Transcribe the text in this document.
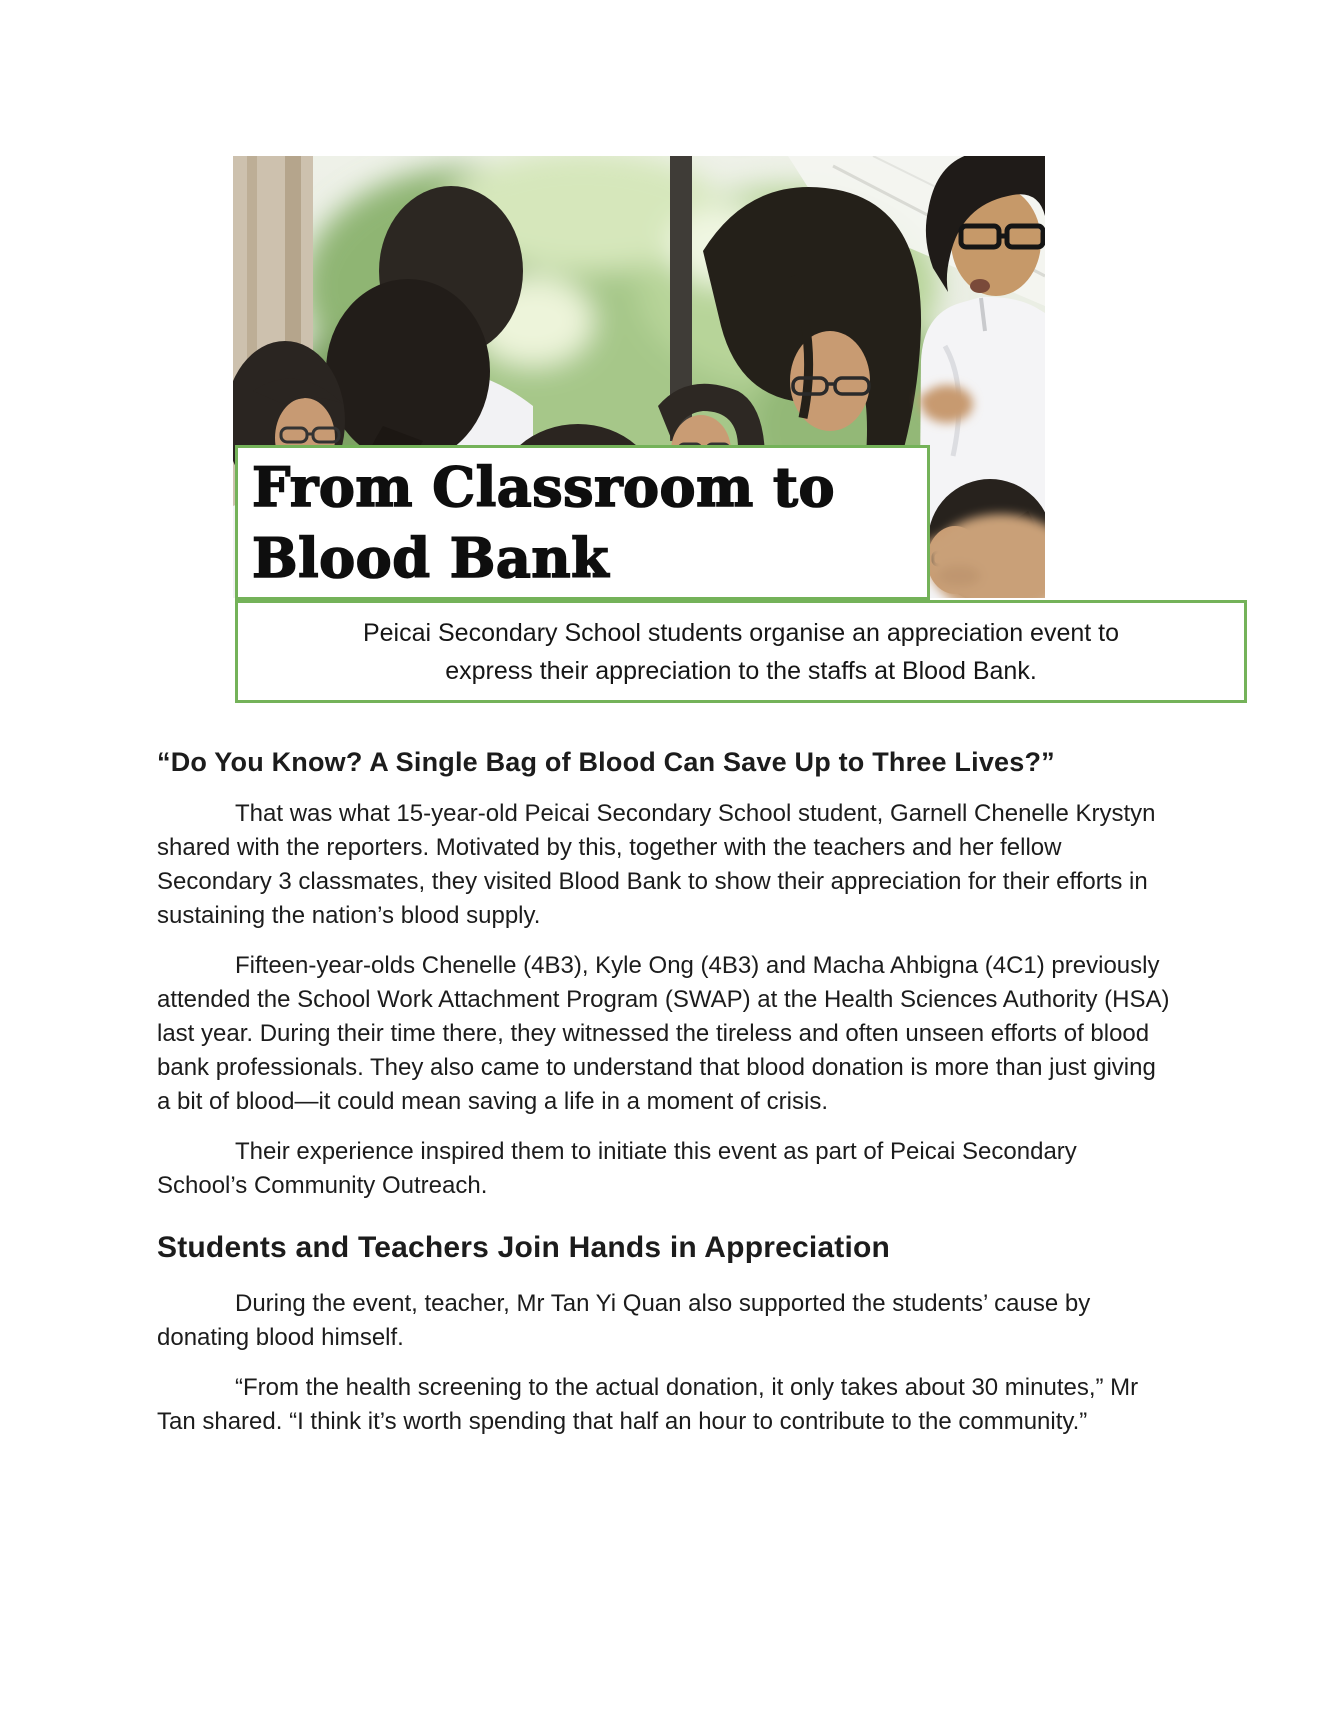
From Classroom to
Blood Bank
Peicai Secondary School students organise an appreciation event to
express their appreciation to the staffs at Blood Bank.
“Do You Know? A Single Bag of Blood Can Save Up to Three Lives?”

That was what 15-year-old Peicai Secondary School student, Garnell Chenelle Krystyn shared with the reporters. Motivated by this, together with the teachers and her fellow Secondary 3 classmates, they visited Blood Bank to show their appreciation for their efforts in sustaining the nation’s blood supply.

Fifteen-year-olds Chenelle (4B3), Kyle Ong (4B3) and Macha Ahbigna (4C1) previously attended the School Work Attachment Program (SWAP) at the Health Sciences Authority (HSA) last year. During their time there, they witnessed the tireless and often unseen efforts of blood bank professionals. They also came to understand that blood donation is more than just giving a bit of blood—it could mean saving a life in a moment of crisis.

Their experience inspired them to initiate this event as part of Peicai Secondary School’s Community Outreach.

Students and Teachers Join Hands in Appreciation

During the event, teacher, Mr Tan Yi Quan also supported the students’ cause by donating blood himself.

“From the health screening to the actual donation, it only takes about 30 minutes,” Mr Tan shared. “I think it’s worth spending that half an hour to contribute to the community.”
